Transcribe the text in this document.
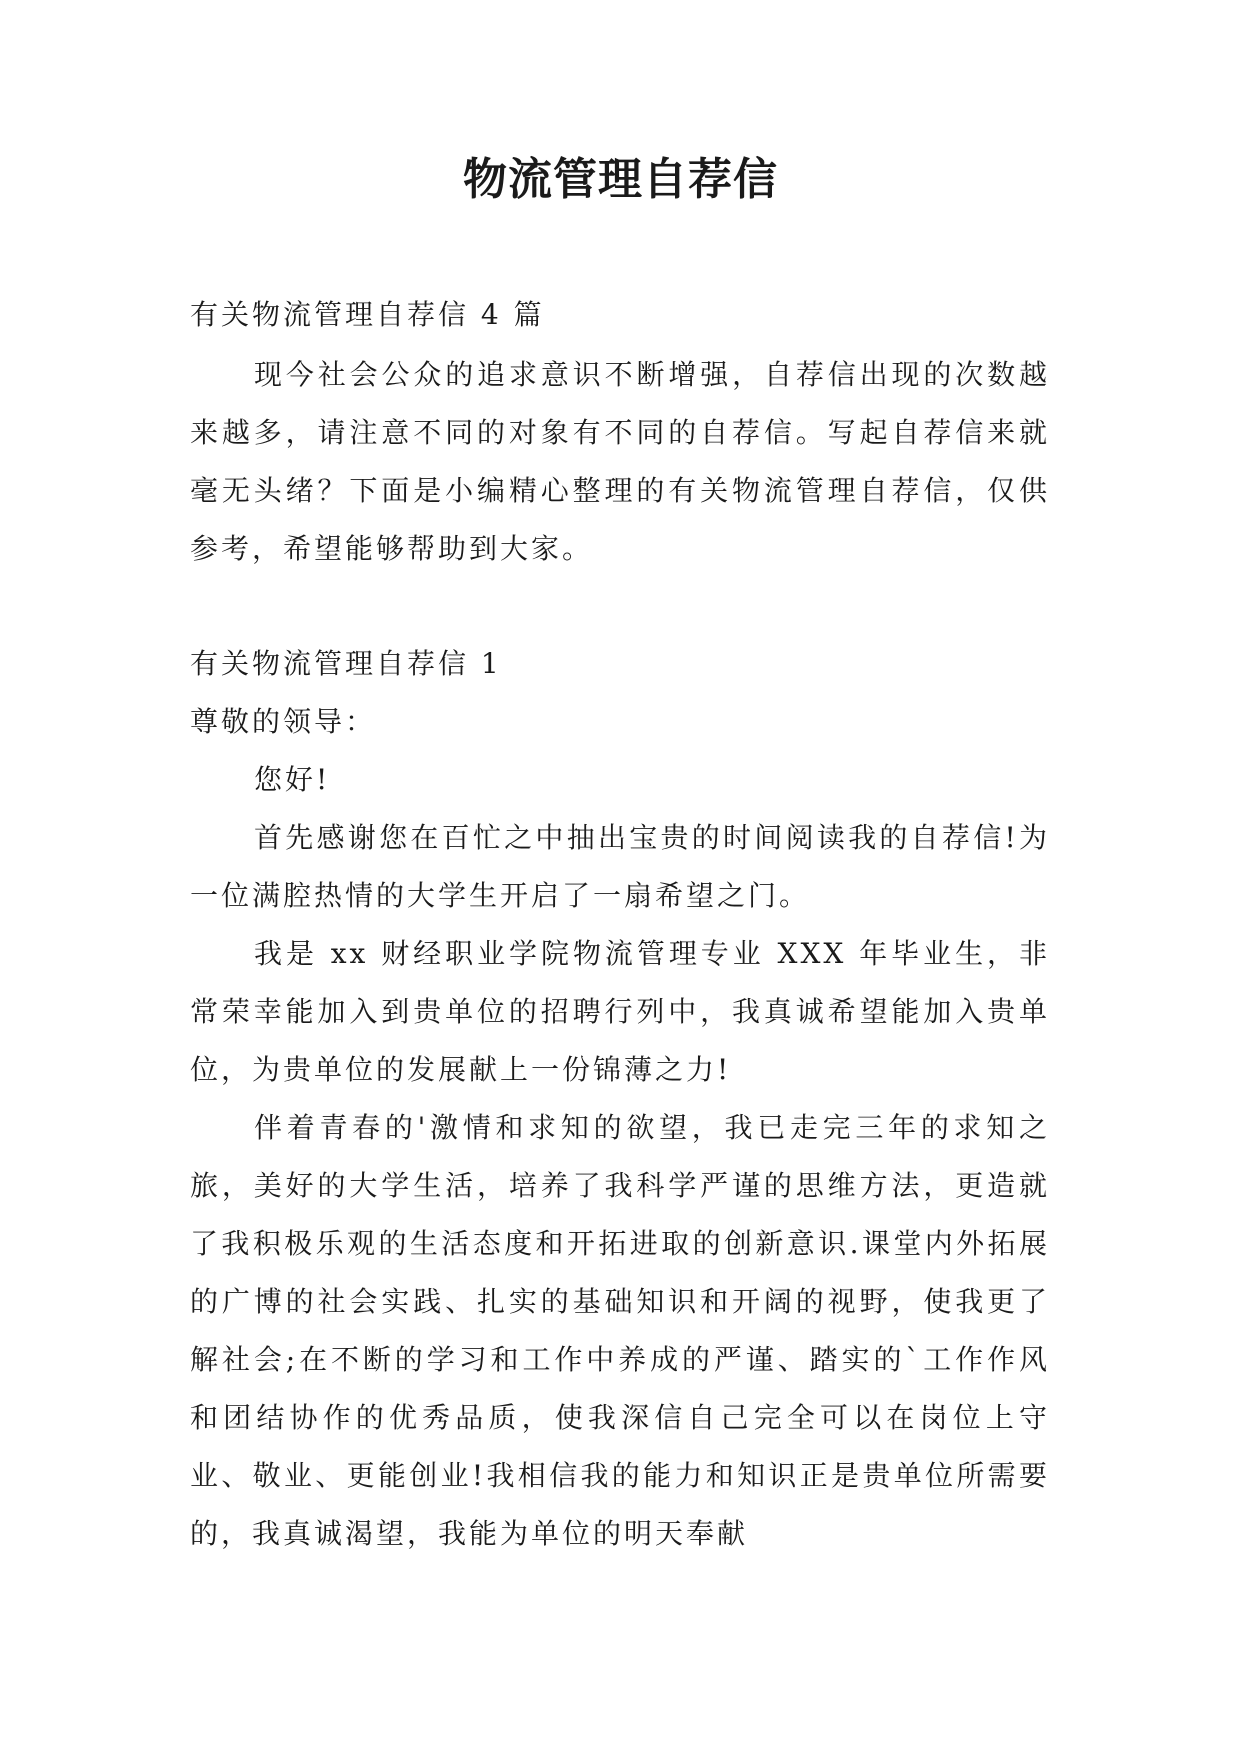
物流管理自荐信

有关物流管理自荐信 4 篇

现今社会公众的追求意识不断增强，自荐信出现的次数越来越多，请注意不同的对象有不同的自荐信。写起自荐信来就毫无头绪？下面是小编精心整理的有关物流管理自荐信，仅供参考，希望能够帮助到大家。

有关物流管理自荐信 1

尊敬的领导：

您好!

首先感谢您在百忙之中抽出宝贵的时间阅读我的自荐信!为一位满腔热情的大学生开启了一扇希望之门。

我是 xx 财经职业学院物流管理专业 XXX 年毕业生，非常荣幸能加入到贵单位的招聘行列中，我真诚希望能加入贵单位，为贵单位的发展献上一份锦薄之力!

伴着青春的'激情和求知的欲望，我已走完三年的求知之旅，美好的大学生活，培养了我科学严谨的思维方法，更造就了我积极乐观的生活态度和开拓进取的创新意识.课堂内外拓展的广博的社会实践、扎实的基础知识和开阔的视野，使我更了解社会;在不断的学习和工作中养成的严谨、踏实的`工作作风和团结协作的优秀品质，使我深信自己完全可以在岗位上守业、敬业、更能创业!我相信我的能力和知识正是贵单位所需要的，我真诚渴望，我能为单位的明天奉献
